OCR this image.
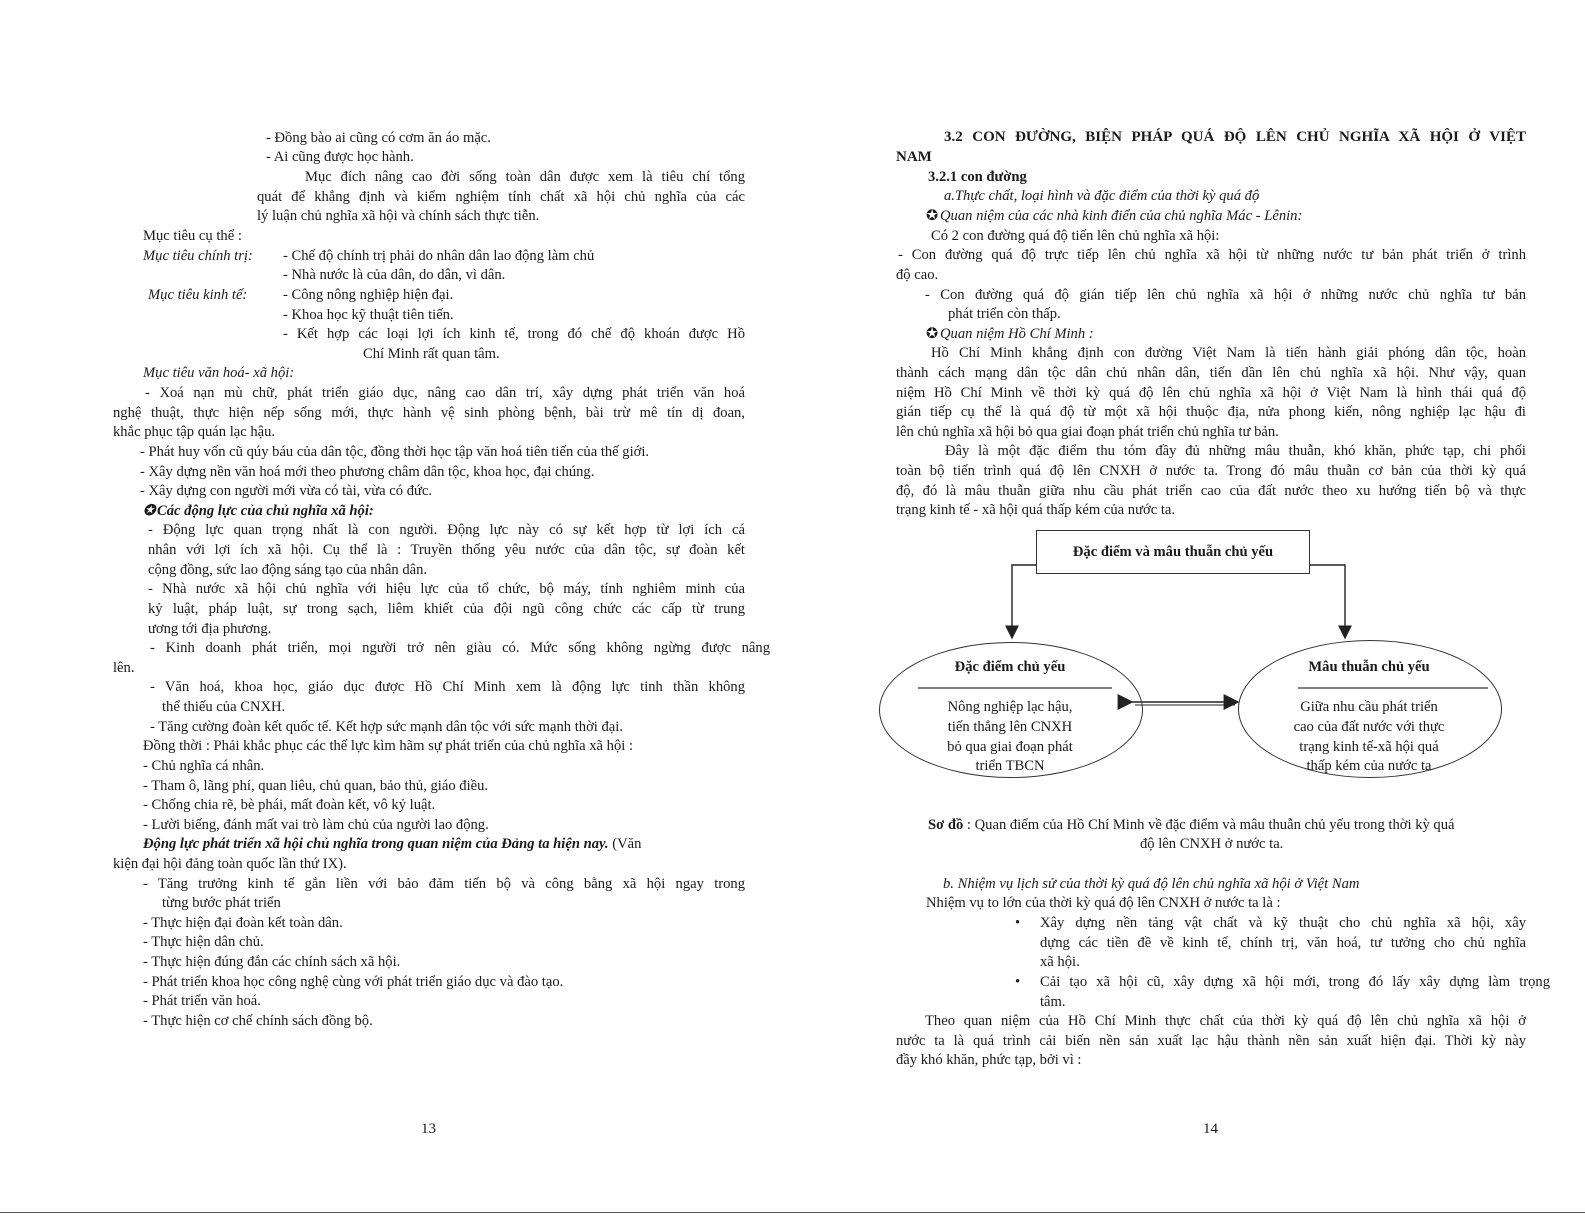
- Đồng bào ai cũng có cơm ăn áo mặc.
- Ai cũng được học hành.
Mục đích nâng cao đời sống toàn dân được xem là tiêu chí tổng
quát để khẳng định và kiểm nghiệm tính chất xã hội chủ nghĩa của các
lý luận chủ nghĩa xã hội và chính sách thực tiễn.
Mục tiêu cụ thể :
Mục tiêu chính trị: - Chế độ chính trị phải do nhân dân lao động làm chủ
- Nhà nước là của dân, do dân, vì dân.
Mục tiêu kinh tế: - Công nông nghiệp hiện đại.
- Khoa học kỹ thuật tiên tiến.
- Kết hợp các loại lợi ích kinh tế, trong đó chế độ khoán được Hồ
Chí Minh rất quan tâm.
Mục tiêu văn hoá- xã hội:
- Xoá nạn mù chữ, phát triển giáo dục, nâng cao dân trí, xây dựng phát triển văn hoá
nghệ thuật, thực hiện nếp sống mới, thực hành vệ sinh phòng bệnh, bài trừ mê tín dị đoan,
khắc phục tập quán lạc hậu.
- Phát huy vốn cũ qúy báu của dân tộc, đồng thời học tập văn hoá tiên tiến của thế giới.
- Xây dựng nền văn hoá mới theo phương châm dân tộc, khoa học, đại chúng.
- Xây dựng con người mới vừa có tài, vừa có đức.
✪ Các động lực của chủ nghĩa xã hội:
- Động lực quan trọng nhất là con người. Động lực này có sự kết hợp từ lợi ích cá
nhân với lợi ích xã hội. Cụ thể là : Truyền thống yêu nước của dân tộc, sự đoàn kết
cộng đồng, sức lao động sáng tạo của nhân dân.
- Nhà nước xã hội chủ nghĩa với hiệu lực của tổ chức, bộ máy, tính nghiêm minh của
kỷ luật, pháp luật, sự trong sạch, liêm khiết của đội ngũ công chức các cấp từ trung
ương tới địa phương.
- Kinh doanh phát triển, mọi người trở nên giàu có. Mức sống không ngừng được nâng
lên.
- Văn hoá, khoa học, giáo dục được Hồ Chí Minh xem là động lực tinh thần không
thể thiếu của CNXH.
- Tăng cường đoàn kết quốc tế. Kết hợp sức mạnh dân tộc với sức mạnh thời đại.
Đồng thời : Phải khắc phục các thế lực kìm hãm sự phát triển của chủ nghĩa xã hội :
- Chủ nghĩa cá nhân.
- Tham ô, lãng phí, quan liêu, chủ quan, bảo thủ, giáo điều.
- Chống chia rẽ, bè phái, mất đoàn kết, vô kỷ luật.
- Lười biếng, đánh mất vai trò làm chủ của người lao động.
Động lực phát triển xã hội chủ nghĩa trong quan niệm của Đảng ta hiện nay. (Văn
kiện đại hội đảng toàn quốc lần thứ IX).
- Tăng trưởng kinh tế gắn liền với bảo đảm tiến bộ và công bằng xã hội ngay trong
từng bước phát triển
- Thực hiện đại đoàn kết toàn dân.
- Thực hiện dân chủ.
- Thực hiện đúng đắn các chính sách xã hội.
- Phát triển khoa học công nghệ cùng với phát triển giáo dục và đào tạo.
- Phát triển văn hoá.
- Thực hiện cơ chế chính sách đồng bộ.
13
3.2 CON ĐƯỜNG, BIỆN PHÁP QUÁ ĐỘ LÊN CHỦ NGHĨA XÃ HỘI Ở VIỆT
NAM
3.2.1 con đường
a.Thực chất, loại hình và đặc điểm của thời kỳ quá độ
✪ Quan niệm của các nhà kinh điển của chủ nghĩa Mác - Lênin:
Có 2 con đường quá độ tiến lên chủ nghĩa xã hội:
- Con đường quá độ trực tiếp lên chủ nghĩa xã hội từ những nước tư bản phát triển ở trình
độ cao.
- Con đường quá độ gián tiếp lên chủ nghĩa xã hội ở những nước chủ nghĩa tư bản
phát triển còn thấp.
✪ Quan niệm Hồ Chí Minh :
Hồ Chí Minh khẳng định con đường Việt Nam là tiến hành giải phóng dân tộc, hoàn
thành cách mạng dân tộc dân chủ nhân dân, tiến dần lên chủ nghĩa xã hội. Như vậy, quan
niệm Hồ Chí Minh về thời kỳ quá độ lên chủ nghĩa xã hội ở Việt Nam là hình thái quá độ
gián tiếp cụ thể là quá độ từ một xã hội thuộc địa, nửa phong kiến, nông nghiệp lạc hậu đi
lên chủ nghĩa xã hội bỏ qua giai đoạn phát triển chủ nghĩa tư bản.
Đây là một đặc điểm thu tóm đầy đủ những mâu thuẫn, khó khăn, phức tạp, chi phối
toàn bộ tiến trình quá độ lên CNXH ở nước ta. Trong đó mâu thuẫn cơ bản của thời kỳ quá
độ, đó là mâu thuẫn giữa nhu cầu phát triển cao của đất nước theo xu hướng tiến bộ và thực
trạng kinh tế - xã hội quá thấp kém của nước ta.
Đặc điểm và mâu thuẫn chủ yếu
Đặc điểm chủ yếu
Nông nghiệp lạc hậu,
tiến thẳng lên CNXH
bỏ qua giai đoạn phát
triển TBCN
Mâu thuẫn chủ yếu
Giữa nhu cầu phát triển
cao của đất nước với thực
trạng kinh tế-xã hội quá
thấp kém của nước ta
Sơ đồ : Quan điểm của Hồ Chí Minh về đặc điểm và mâu thuẫn chủ yếu trong thời kỳ quá
độ lên CNXH ở nước ta.
b. Nhiệm vụ lịch sử của thời kỳ quá độ lên chủ nghĩa xã hội ở Việt Nam
Nhiệm vụ to lớn của thời kỳ quá độ lên CNXH ở nước ta là :
• Xây dựng nền tảng vật chất và kỹ thuật cho chủ nghĩa xã hội, xây
dựng các tiền đề về kinh tế, chính trị, văn hoá, tư tưởng cho chủ nghĩa
xã hội.
• Cải tạo xã hội cũ, xây dựng xã hội mới, trong đó lấy xây dựng làm trọng
tâm.
Theo quan niệm của Hồ Chí Minh thực chất của thời kỳ quá độ lên chủ nghĩa xã hội ở
nước ta là quá trình cải biến nền sản xuất lạc hậu thành nền sản xuất hiện đại. Thời kỳ này
đầy khó khăn, phức tạp, bởi vì :
14
